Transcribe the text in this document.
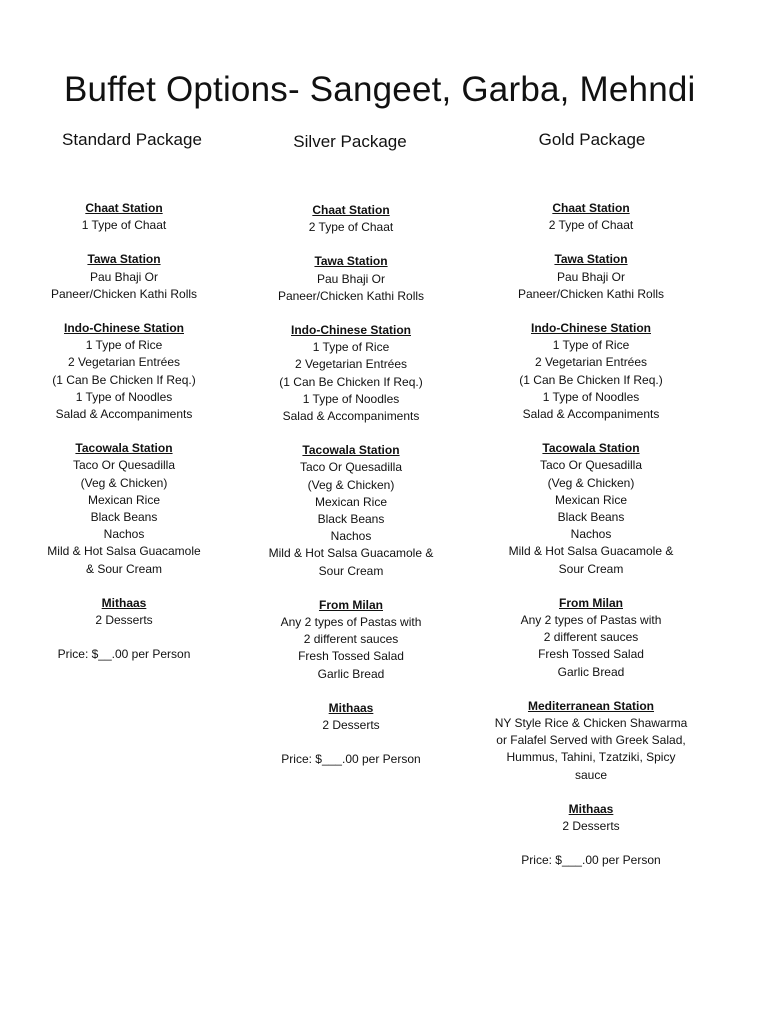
Buffet Options- Sangeet, Garba, Mehndi
Standard Package	Silver Package	Gold Package
Chaat Station
1 Type of Chaat
Tawa Station
Pau Bhaji Or
Paneer/Chicken Kathi Rolls
Indo-Chinese Station
1 Type of Rice
2 Vegetarian Entrées
(1 Can Be Chicken If Req.)
1 Type of Noodles
Salad & Accompaniments
Tacowala Station
Taco Or Quesadilla
(Veg & Chicken)
Mexican Rice
Black Beans
Nachos
Mild & Hot Salsa Guacamole
& Sour Cream
Mithaas
2 Desserts
Price: $__.00 per Person
Chaat Station
2 Type of Chaat
Tawa Station
Pau Bhaji Or
Paneer/Chicken Kathi Rolls
Indo-Chinese Station
1 Type of Rice
2 Vegetarian Entrées
(1 Can Be Chicken If Req.)
1 Type of Noodles
Salad & Accompaniments
Tacowala Station
Taco Or Quesadilla
(Veg & Chicken)
Mexican Rice
Black Beans
Nachos
Mild & Hot Salsa Guacamole &
Sour Cream
From Milan
Any 2 types of Pastas with
2 different sauces
Fresh Tossed Salad
Garlic Bread
Mithaas
2 Desserts
Price: $___.00 per Person
Chaat Station
2 Type of Chaat
Tawa Station
Pau Bhaji Or
Paneer/Chicken Kathi Rolls
Indo-Chinese Station
1 Type of Rice
2 Vegetarian Entrées
(1 Can Be Chicken If Req.)
1 Type of Noodles
Salad & Accompaniments
Tacowala Station
Taco Or Quesadilla
(Veg & Chicken)
Mexican Rice
Black Beans
Nachos
Mild & Hot Salsa Guacamole &
Sour Cream
From Milan
Any 2 types of Pastas with
2 different sauces
Fresh Tossed Salad
Garlic Bread
Mediterranean Station
NY Style Rice & Chicken Shawarma
or Falafel Served with Greek Salad,
Hummus, Tahini, Tzatziki, Spicy
sauce
Mithaas
2 Desserts
Price: $___.00 per Person
